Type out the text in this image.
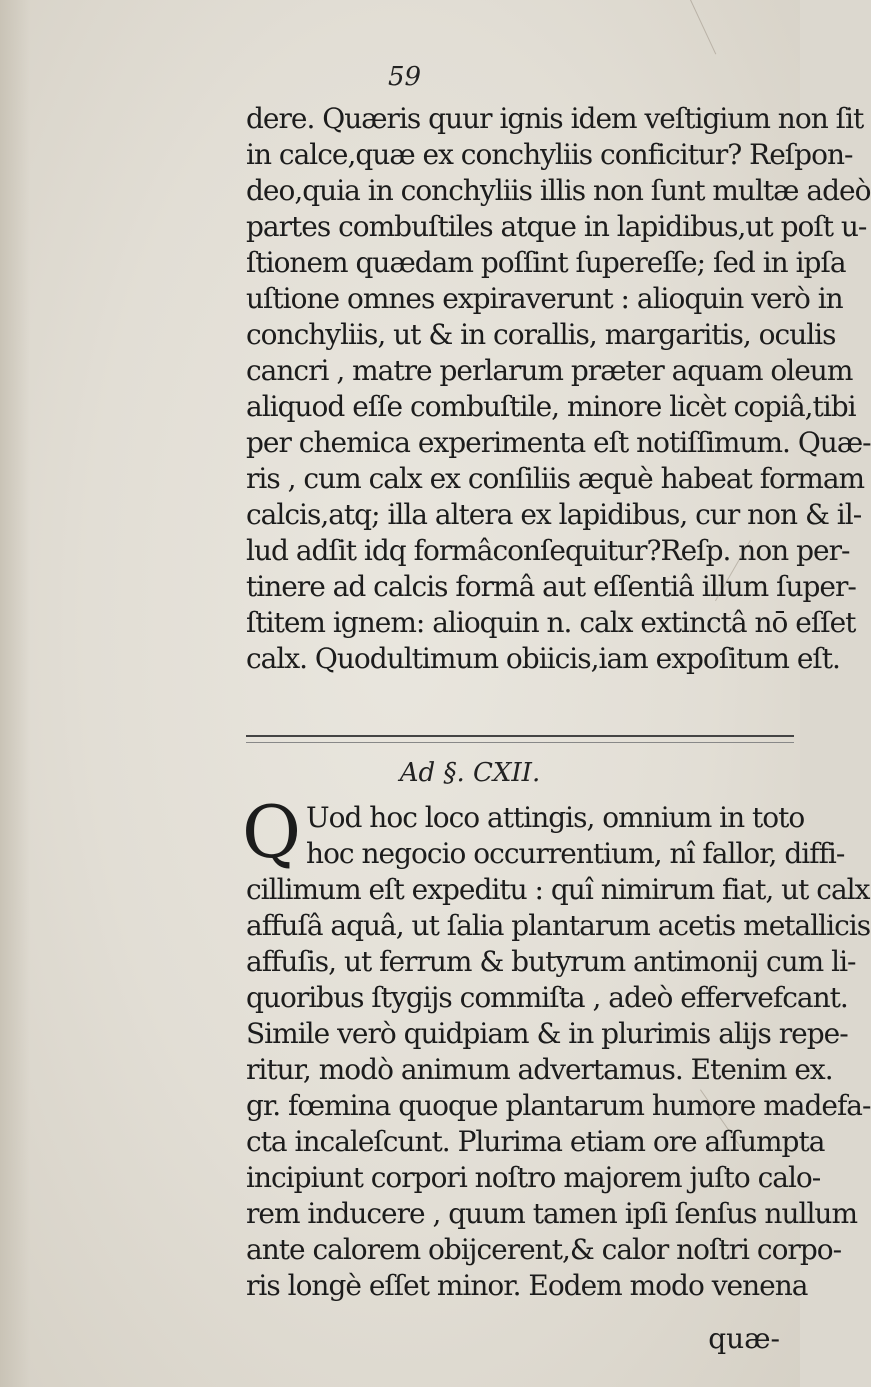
59
dere. Quæris quur ignis idem veſtigium non ſit
in calce,quæ ex conchyliis conficitur? Reſpon-
deo,quia in conchyliis illis non ſunt multæ adeò
partes combuſtiles atque in lapidibus,ut poſt u-
ſtionem quædam poſſint ſupereſſe; ſed in ipſa
uſtione omnes expiraverunt : alioquin verò in
conchyliis, ut & in corallis, margaritis, oculis
cancri , matre perlarum præter aquam oleum
aliquod eſſe combuſtile, minore licèt copiâ,tibi
per chemica experimenta eſt notiſſimum. Quæ-
ris , cum calx ex conſiliis æquè habeat formam
calcis,atq; illa altera ex lapidibus, cur non & il-
lud adſit idq formâconſequitur?Reſp. non per-
tinere ad calcis formâ aut eſſentiâ illum ſuper-
ſtitem ignem: alioquin n. calx extinctâ nō eſſet
calx. Quodultimum obiicis,iam expoſitum eſt.
Ad §. CXII.
Q Uod hoc loco attingis, omnium in toto
hoc negocio occurrentium, nî fallor, diffi-
cillimum eſt expeditu : quî nimirum fiat, ut calx
affuſâ aquâ, ut ſalia plantarum acetis metallicis
affuſis, ut ferrum & butyrum antimonij cum li-
quoribus ſtygijs commiſta , adeò effervefcant.
Simile verò quidpiam & in plurimis alijs repe-
ritur, modò animum advertamus. Etenim ex.
gr. fœmina quoque plantarum humore madefa-
cta incaleſcunt. Plurima etiam ore aſſumpta
incipiunt corpori noſtro majorem juſto calo-
rem inducere , quum tamen ipſi ſenſus nullum
ante calorem obijcerent,& calor noſtri corpo-
ris longè eſſet minor. Eodem modo venena
quæ-
